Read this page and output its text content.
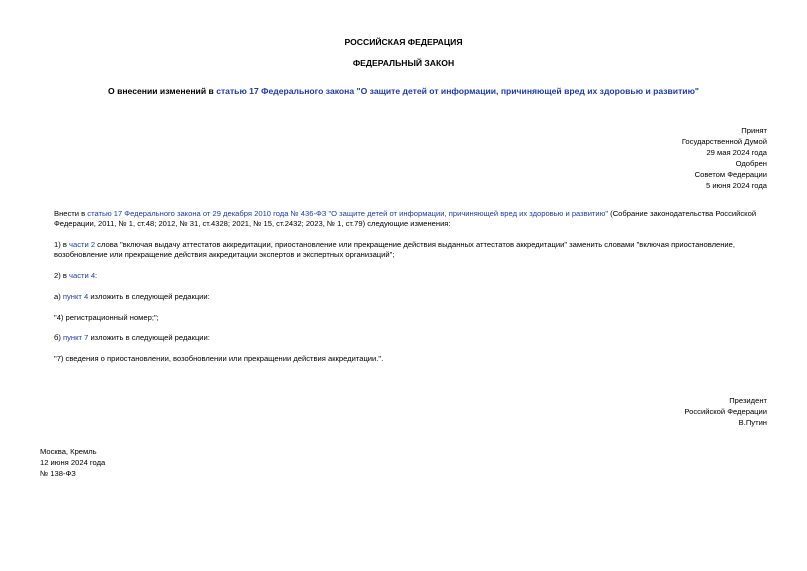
РОССИЙСКАЯ ФЕДЕРАЦИЯ
ФЕДЕРАЛЬНЫЙ ЗАКОН
О внесении изменений в статью 17 Федерального закона "О защите детей от информации, причиняющей вред их здоровью и развитию"
Принят
Государственной Думой
29 мая 2024 года
Одобрен
Советом Федерации
5 июня 2024 года
Внести в статью 17 Федерального закона от 29 декабря 2010 года № 436-ФЗ "О защите детей от информации, причиняющей вред их здоровью и развитию" (Собрание законодательства Российской Федерации, 2011, № 1, ст.48; 2012, № 31, ст.4328; 2021, № 15, ст.2432; 2023, № 1, ст.79) следующие изменения:
1) в части 2 слова "включая выдачу аттестатов аккредитации, приостановление или прекращение действия выданных аттестатов аккредитации" заменить словами "включая приостановление, возобновление или прекращение действия аккредитации экспертов и экспертных организаций";
2) в части 4:
а) пункт 4 изложить в следующей редакции:
"4) регистрационный номер;";
б) пункт 7 изложить в следующей редакции:
"7) сведения о приостановлении, возобновлении или прекращении действия аккредитации.".
Президент
Российской Федерации
В.Путин
Москва, Кремль
12 июня 2024 года
№ 138-ФЗ
